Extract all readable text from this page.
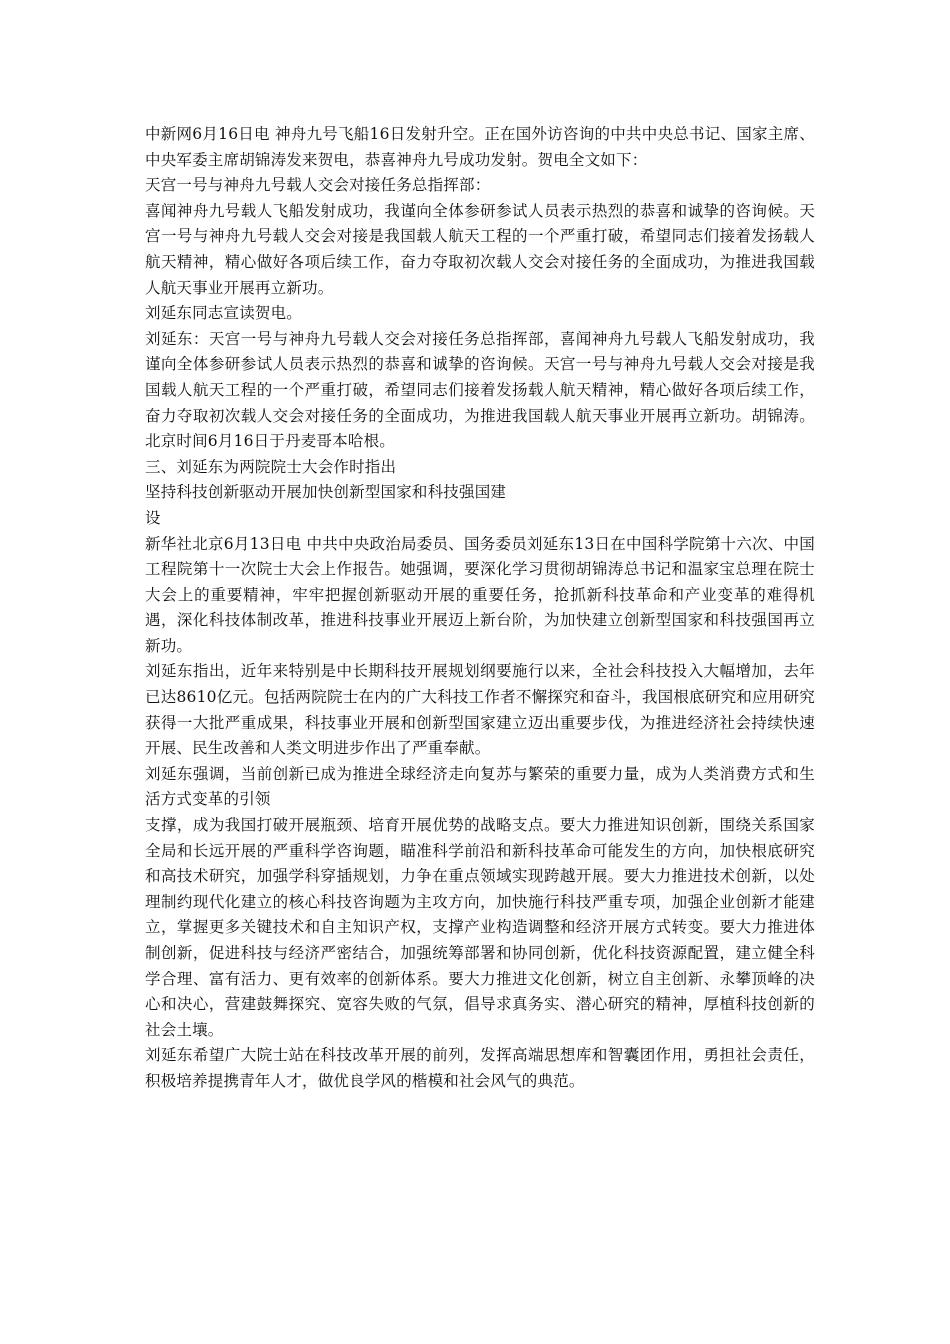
中新网6月16日电 神舟九号飞船16日发射升空。正在国外访咨询的中共中央总书记、国家主席、中央军委主席胡锦涛发来贺电，恭喜神舟九号成功发射。贺电全文如下：

天宫一号与神舟九号载人交会对接任务总指挥部：

喜闻神舟九号载人飞船发射成功，我谨向全体参研参试人员表示热烈的恭喜和诚挚的咨询候。天宫一号与神舟九号载人交会对接是我国载人航天工程的一个严重打破，希望同志们接着发扬载人航天精神，精心做好各项后续工作，奋力夺取初次载人交会对接任务的全面成功，为推进我国载人航天事业开展再立新功。

刘延东同志宣读贺电。

刘延东：天宫一号与神舟九号载人交会对接任务总指挥部，喜闻神舟九号载人飞船发射成功，我谨向全体参研参试人员表示热烈的恭喜和诚挚的咨询候。天宫一号与神舟九号载人交会对接是我国载人航天工程的一个严重打破，希望同志们接着发扬载人航天精神，精心做好各项后续工作，奋力夺取初次载人交会对接任务的全面成功，为推进我国载人航天事业开展再立新功。胡锦涛。北京时间6月16日于丹麦哥本哈根。

三、刘延东为两院院士大会作时指出

坚持科技创新驱动开展加快创新型国家和科技强国建

设

新华社北京6月13日电 中共中央政治局委员、国务委员刘延东13日在中国科学院第十六次、中国工程院第十一次院士大会上作报告。她强调，要深化学习贯彻胡锦涛总书记和温家宝总理在院士大会上的重要精神，牢牢把握创新驱动开展的重要任务，抢抓新科技革命和产业变革的难得机遇，深化科技体制改革，推进科技事业开展迈上新台阶，为加快建立创新型国家和科技强国再立新功。

刘延东指出，近年来特别是中长期科技开展规划纲要施行以来，全社会科技投入大幅增加，去年已达8610亿元。包括两院院士在内的广大科技工作者不懈探究和奋斗，我国根底研究和应用研究获得一大批严重成果，科技事业开展和创新型国家建立迈出重要步伐，为推进经济社会持续快速开展、民生改善和人类文明进步作出了严重奉献。

刘延东强调，当前创新已成为推进全球经济走向复苏与繁荣的重要力量，成为人类消费方式和生活方式变革的引领

支撑，成为我国打破开展瓶颈、培育开展优势的战略支点。要大力推进知识创新，围绕关系国家全局和长远开展的严重科学咨询题，瞄准科学前沿和新科技革命可能发生的方向，加快根底研究和高技术研究，加强学科穿插规划，力争在重点领域实现跨越开展。要大力推进技术创新，以处理制约现代化建立的核心科技咨询题为主攻方向，加快施行科技严重专项，加强企业创新才能建立，掌握更多关键技术和自主知识产权，支撑产业构造调整和经济开展方式转变。要大力推进体制创新，促进科技与经济严密结合，加强统筹部署和协同创新，优化科技资源配置，建立健全科学合理、富有活力、更有效率的创新体系。要大力推进文化创新，树立自主创新、永攀顶峰的决心和决心，营建鼓舞探究、宽容失败的气氛，倡导求真务实、潜心研究的精神，厚植科技创新的社会土壤。

刘延东希望广大院士站在科技改革开展的前列，发挥高端思想库和智囊团作用，勇担社会责任，积极培养提携青年人才，做优良学风的楷模和社会风气的典范。
